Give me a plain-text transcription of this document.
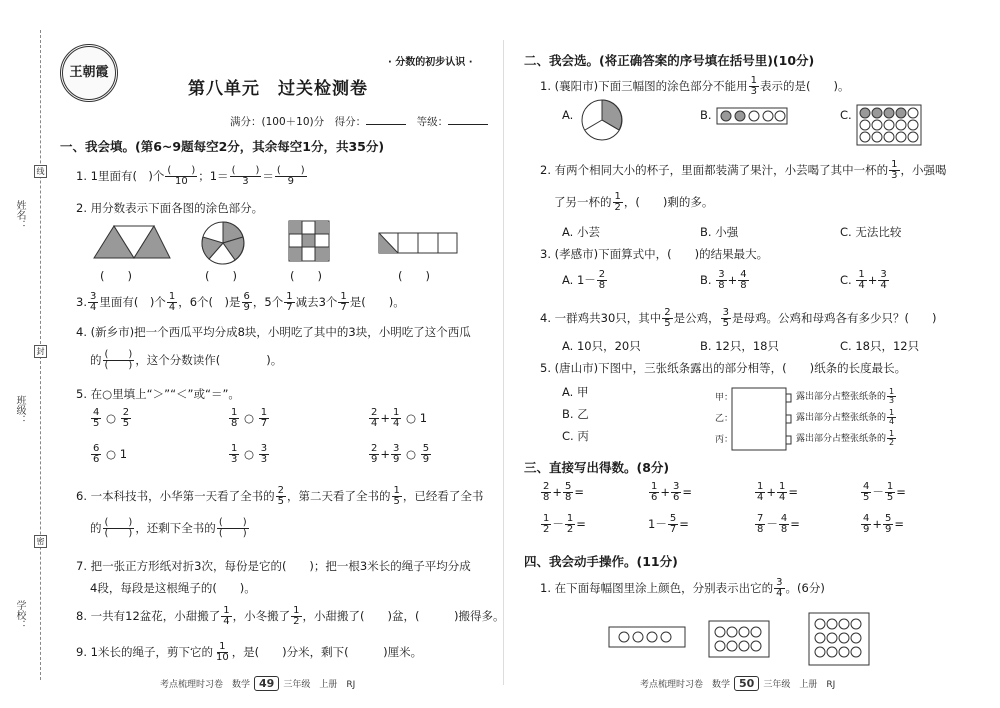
姓名：
班级：
学校：
线
封
密
王朝霞
· 分数的初步认识 ·
第八单元　过关检测卷
满分：(100＋10)分　 得分：　	等级：
一、我会填。(第6~9题每空2分，其余每空1分，共35分)
1. 1里面有(　)个 $\frac{( )}{10}$ ；$1= \frac{( )}{3} = \frac{( )}{9}$
2. 用分数表示下面各图的涂色部分。
(　　)	(　　)	(　　)	(　　)
3. $\frac{3}{4}$ 里面有(　)个 $\frac{1}{4}$ ，6个(　)是 $\frac{6}{9}$ ，5个 $\frac{1}{7}$ 减去3个 $\frac{1}{7}$ 是(　　)。
4. (新乡市)把一个西瓜平均分成8块，小明吃了其中的3块，小明吃了这个西瓜
的 $\frac{( )}{( )}$ ，这个分数读作(　　　　)。
5. 在○里填上“＞”“＜”或“＝”。
$\frac{4}{5}$ ○ $\frac{2}{5}$	$\frac{1}{8}$ ○ $\frac{1}{7}$	$\frac{2}{4} + \frac{1}{4}$ ○ 1
$\frac{6}{6}$ ○ 1	$\frac{1}{3}$ ○ $\frac{3}{3}$	$\frac{2}{9} + \frac{3}{9}$ ○ $\frac{5}{9}$
6. 一本科技书，小华第一天看了全书的 $\frac{2}{5}$ ，第二天看了全书的 $\frac{1}{5}$ ，已经看了全书
的 $\frac{( )}{( )}$ ，还剩下全书的 $\frac{( )}{( )}$
7. 把一张正方形纸对折3次，每份是它的(　　)；把一根3米长的绳子平均分成
4段，每段是这根绳子的(　　)。
8. 一共有12盆花，小甜搬了 $\frac{1}{4}$ ，小冬搬了 $\frac{1}{2}$ ，小甜搬了(　　)盆，(　　　)搬得多。
9. 1米长的绳子，剪下它的 $\frac{1}{10}$ ，是(　　)分米，剩下(　　　)厘米。
考点梳理时习卷　数学 49 三年级　上册　RJ
二、我会选。(将正确答案的序号填在括号里)(10分)
1. (襄阳市)下面三幅图的涂色部分不能用 $\frac{1}{3}$ 表示的是(　　)。
A.	B.	C.
2. 有两个相同大小的杯子，里面都装满了果汁，小芸喝了其中一杯的 $\frac{1}{3}$ ，小强喝
了另一杯的 $\frac{1}{2}$ ，(　　)剩的多。
A. 小芸	B. 小强	C. 无法比较
3. (孝感市)下面算式中，(　　)的结果最大。
A. $1- \frac{2}{8}$	B. $\frac{3}{8} + \frac{4}{8}$	C. $\frac{1}{4} + \frac{3}{4}$
4. 一群鸡共30只，其中 $\frac{2}{5}$ 是公鸡， $\frac{3}{5}$ 是母鸡。公鸡和母鸡各有多少只？(　　)
A. 10只，20只	B. 12只，18只	C. 18只，12只
5. (唐山市)下图中，三张纸条露出的部分相等，(　　)纸条的长度最长。
A. 甲
B. 乙
C. 丙
甲：
乙：
丙：
露出部分占整张纸条的 $\frac{1}{3}$
露出部分占整张纸条的 $\frac{1}{4}$
露出部分占整张纸条的 $\frac{1}{2}$
三、直接写出得数。(8分)
$\frac{2}{8} + \frac{5}{8}$ =	$\frac{1}{6} + \frac{3}{6}$ =	$\frac{1}{4} + \frac{1}{4}$ =	$\frac{4}{5} - \frac{1}{5}$ =
$\frac{1}{2} - \frac{1}{2}$ =	$1- \frac{5}{7}$ =	$\frac{7}{8} - \frac{4}{8}$ =	$\frac{4}{9} + \frac{5}{9}$ =
四、我会动手操作。(11分)
1. 在下面每幅图里涂上颜色，分别表示出它的 $\frac{3}{4}$ 。(6分)
考点梳理时习卷　数学 50 三年级　上册　RJ
